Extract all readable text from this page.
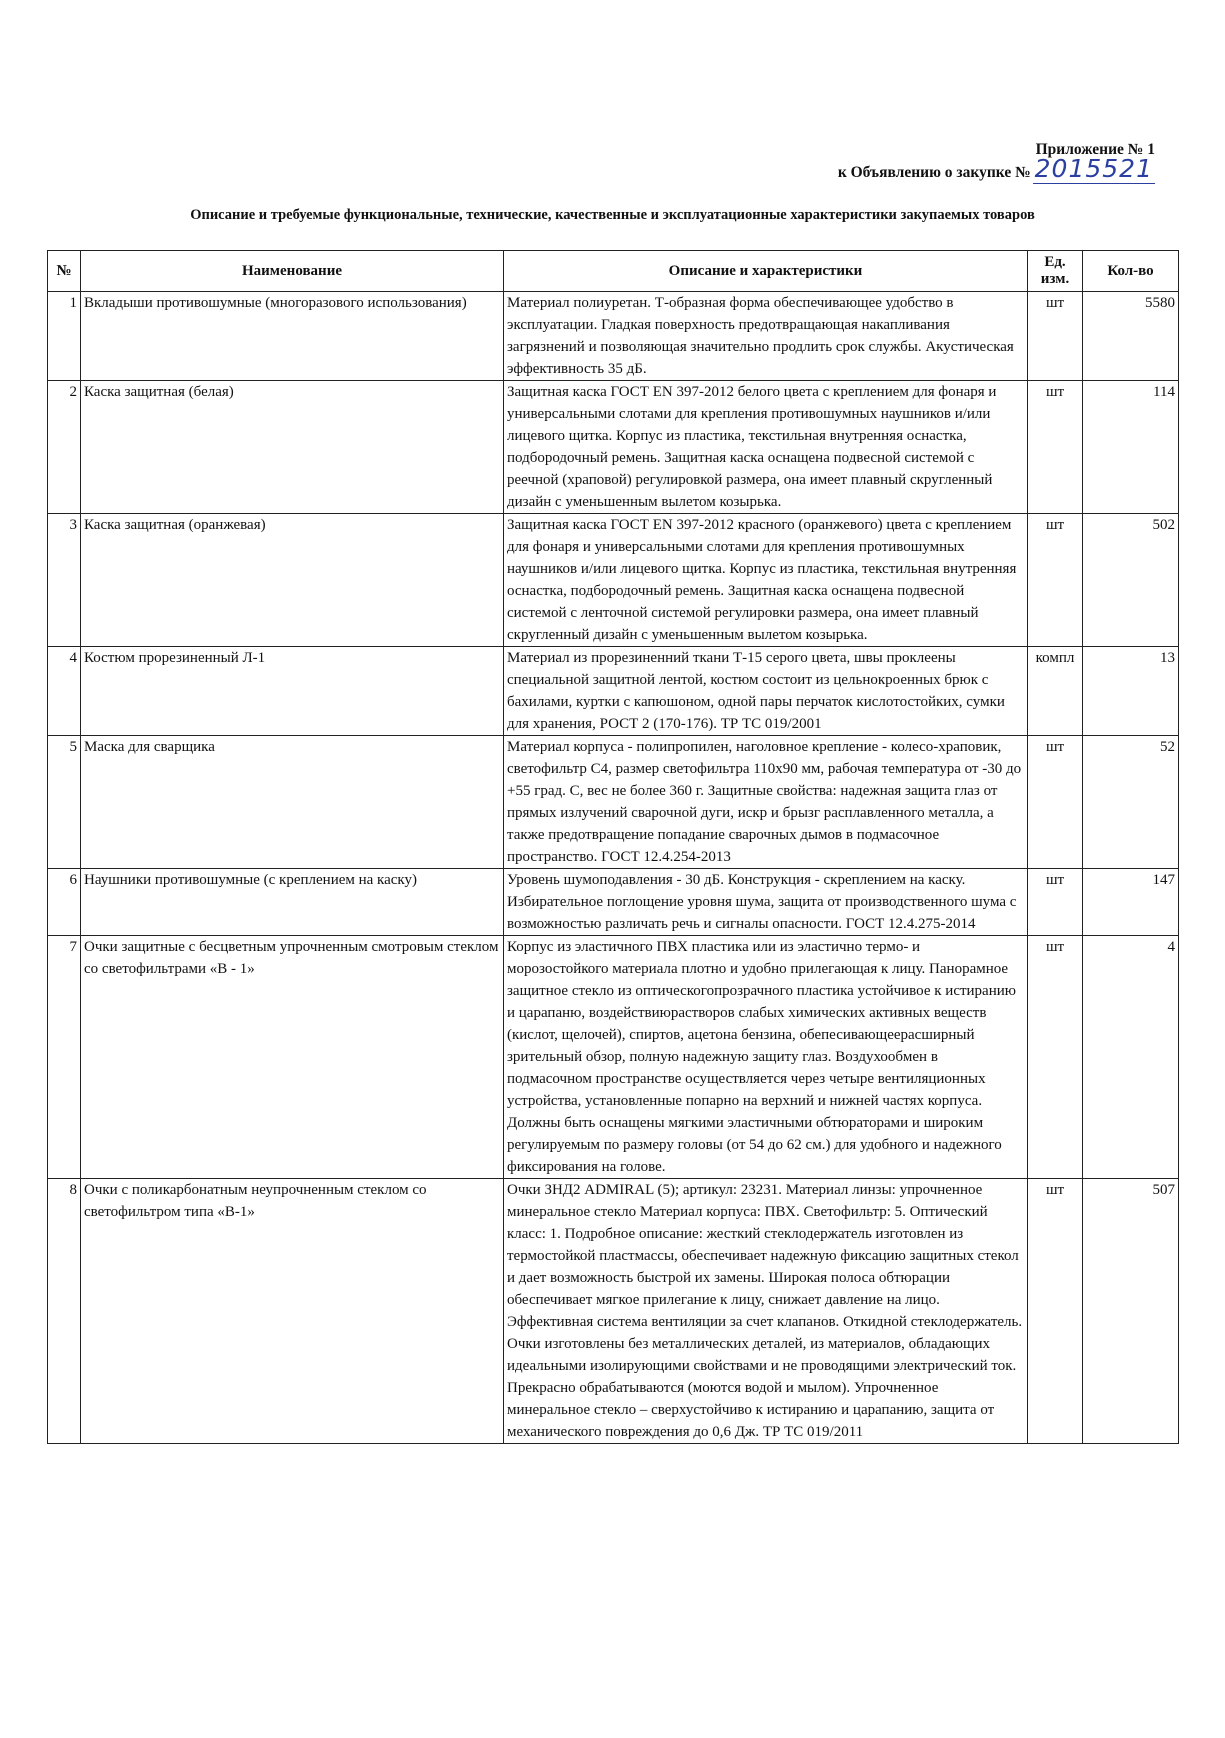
Приложение № 1
к Объявлению о закупке № 2015521
Описание и требуемые функциональные, технические, качественные и эксплуатационные характеристики закупаемых товаров
№	Наименование	Описание и характеристики	Ед. изм.	Кол-во
1	Вкладыши противошумные (многоразового использования)	Материал полиуретан. Т-образная форма обеспечивающее удобство в эксплуатации. Гладкая поверхность предотвращающая накапливания загрязнений и позволяющая значительно продлить срок службы. Акустическая эффективность 35 дБ.	шт	5580
2	Каска защитная (белая)	Защитная каска ГОСТ EN 397-2012 белого цвета с креплением для фонаря и универсальными слотами для крепления противошумных наушников и/или лицевого щитка. Корпус из пластика, текстильная внутренняя оснастка, подбородочный ремень. Защитная каска оснащена подвесной системой с реечной (храповой) регулировкой размера, она имеет плавный скругленный дизайн с уменьшенным вылетом козырька.	шт	114
3	Каска защитная (оранжевая)	Защитная каска ГОСТ EN 397-2012 красного (оранжевого) цвета с креплением для фонаря и универсальными слотами для крепления противошумных наушников и/или лицевого щитка. Корпус из пластика, текстильная внутренняя оснастка, подбородочный ремень. Защитная каска оснащена подвесной системой с ленточной системой регулировки размера, она имеет плавный скругленный дизайн с уменьшенным вылетом козырька.	шт	502
4	Костюм прорезиненный Л-1	Материал из прорезиненний ткани Т-15 серого цвета, швы проклеены специальной защитной лентой, костюм состоит из цельнокроенных брюк с бахилами, куртки с капюшоном, одной пары перчаток кислотостойких, сумки для хранения, РОСТ 2 (170-176). ТР ТС 019/2001	компл	13
5	Маска для сварщика	Материал корпуса - полипропилен, наголовное крепление - колесо-храповик, светофильтр С4, размер светофильтра 110х90 мм, рабочая температура от -30 до +55 град. С, вес не более 360 г. Защитные свойства: надежная защита глаз от прямых излучений сварочной дуги, искр и брызг расплавленного металла, а также предотвращение попадание сварочных дымов в подмасочное пространство. ГОСТ 12.4.254-2013	шт	52
6	Наушники противошумные (с креплением на каску)	Уровень шумоподавления - 30 дБ. Конструкция - скреплением на каску. Избирательное поглощение уровня шума, защита от производственного шума с возможностью различать речь и сигналы опасности. ГОСТ 12.4.275-2014	шт	147
7	Очки защитные с бесцветным упрочненным смотровым стеклом со светофильтрами «В - 1»	Корпус из эластичного ПВХ пластика или из эластично термо- и морозостойкого материала плотно и удобно прилегающая к лицу. Панорамное защитное стекло из оптическогопрозрачного пластика устойчивое к истиранию и царапаню, воздействиюрастворов слабых химических активных веществ (кислот, щелочей), спиртов, ацетона бензина, обепесивающеерасширный зрительный обзор, полную надежную защиту глаз. Воздухообмен в подмасочном пространстве осуществляется через четыре вентиляционных устройства, установленные попарно на верхний и нижней частях корпуса. Должны быть оснащены мягкими эластичными обтюраторами и широким регулируемым по размеру головы (от 54 до 62 см.) для удобного и надежного фиксирования на голове.	шт	4
8	Очки с поликарбонатным неупрочненным стеклом со светофильтром типа «В-1»	Очки ЗНД2 ADMIRAL (5); артикул: 23231. Материал линзы: упрочненное минеральное стекло Материал корпуса: ПВХ. Светофильтр: 5. Оптический класс: 1. Подробное описание: жесткий стеклодержатель изготовлен из термостойкой пластмассы, обеспечивает надежную фиксацию защитных стекол и дает возможность быстрой их замены. Широкая полоса обтюрации обеспечивает мягкое прилегание к лицу, снижает давление на лицо. Эффективная система вентиляции за счет клапанов. Откидной стеклодержатель. Очки изготовлены без металлических деталей, из материалов, обладающих идеальными изолирующими свойствами и не проводящими электрический ток. Прекрасно обрабатываются (моются водой и мылом). Упрочненное минеральное стекло – сверхустойчиво к истиранию и царапанию, защита от механического повреждения до 0,6 Дж. ТР ТС 019/2011	шт	507
